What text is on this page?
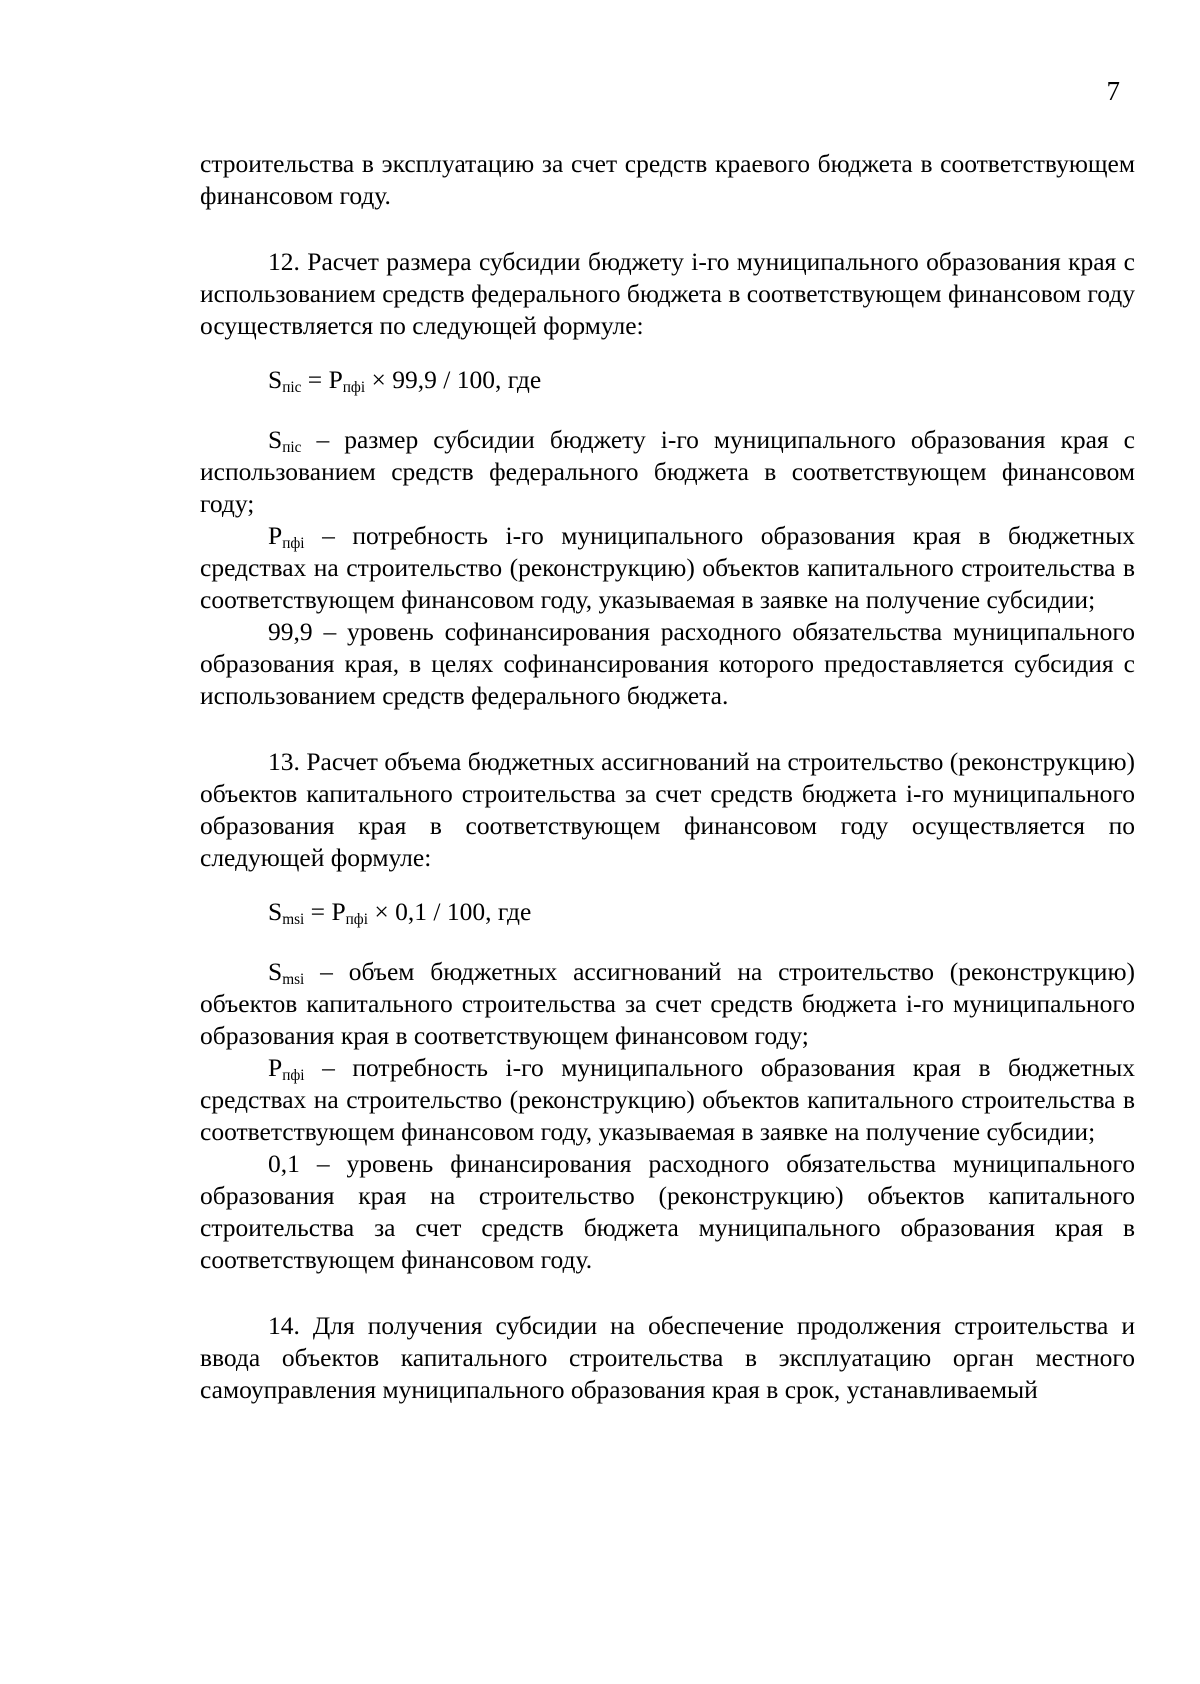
7

строительства в эксплуатацию за счет средств краевого бюджета в соответствующем финансовом году.

12. Расчет размера субсидии бюджету i-го муниципального образования края с использованием средств федерального бюджета в соответствующем финансовом году осуществляется по следующей формуле:

$S_{піс} = P_{пфі} \times 99,9 / 100$, где

$S_{піс}$ – размер субсидии бюджету i-го муниципального образования края с использованием средств федерального бюджета в соответствующем финансовом году;

$P_{пфі}$ – потребность i-го муниципального образования края в бюджетных средствах на строительство (реконструкцию) объектов капитального строительства в соответствующем финансовом году, указываемая в заявке на получение субсидии;

99,9 – уровень софинансирования расходного обязательства муниципального образования края, в целях софинансирования которого предоставляется субсидия с использованием средств федерального бюджета.

13. Расчет объема бюджетных ассигнований на строительство (реконструкцию) объектов капитального строительства за счет средств бюджета i-го муниципального образования края в соответствующем финансовом году осуществляется по следующей формуле:

$S_{msi} = P_{пфі} \times 0,1 / 100$, где

$S_{msi}$ – объем бюджетных ассигнований на строительство (реконструкцию) объектов капитального строительства за счет средств бюджета i-го муниципального образования края в соответствующем финансовом году;

$P_{пфі}$ – потребность i-го муниципального образования края в бюджетных средствах на строительство (реконструкцию) объектов капитального строительства в соответствующем финансовом году, указываемая в заявке на получение субсидии;

0,1 – уровень финансирования расходного обязательства муниципального образования края на строительство (реконструкцию) объектов капитального строительства за счет средств бюджета муниципального образования края в соответствующем финансовом году.

14. Для получения субсидии на обеспечение продолжения строительства и ввода объектов капитального строительства в эксплуатацию орган местного самоуправления муниципального образования края в срок, устанавливаемый
